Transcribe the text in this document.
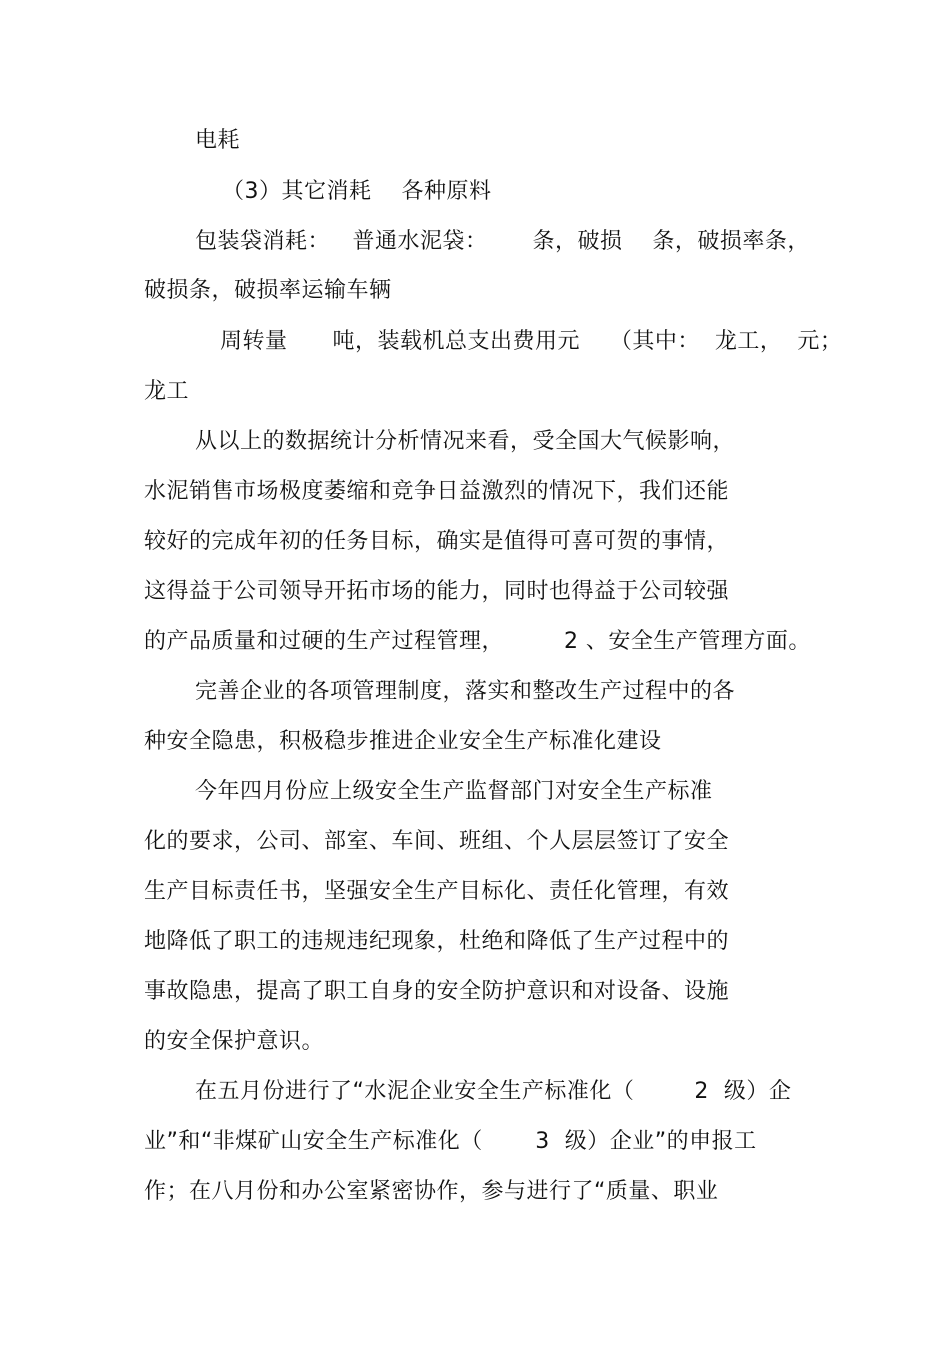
电耗
（3）其它消耗    各种原料
包装袋消耗：   普通水泥袋：      条，破损    条，破损率条，
破损条，破损率运输车辆
周转量      吨，装载机总支出费用元    （其中：  龙工，  元；
龙工
从以上的数据统计分析情况来看，受全国大气候影响，
水泥销售市场极度萎缩和竞争日益激烈的情况下，我们还能
较好的完成年初的任务目标，确实是值得可喜可贺的事情，
这得益于公司领导开拓市场的能力，同时也得益于公司较强
的产品质量和过硬的生产过程管理，        2 、安全生产管理方面。
完善企业的各项管理制度，落实和整改生产过程中的各
种安全隐患，积极稳步推进企业安全生产标准化建设
今年四月份应上级安全生产监督部门对安全生产标准
化的要求，公司、部室、车间、班组、个人层层签订了安全
生产目标责任书，坚强安全生产目标化、责任化管理，有效
地降低了职工的违规违纪现象，杜绝和降低了生产过程中的
事故隐患，提高了职工自身的安全防护意识和对设备、设施
的安全保护意识。
在五月份进行了“水泥企业安全生产标准化（        2  级）企
业”和“非煤矿山安全生产标准化（       3  级）企业”的申报工
作；在八月份和办公室紧密协作，参与进行了“质量、职业
